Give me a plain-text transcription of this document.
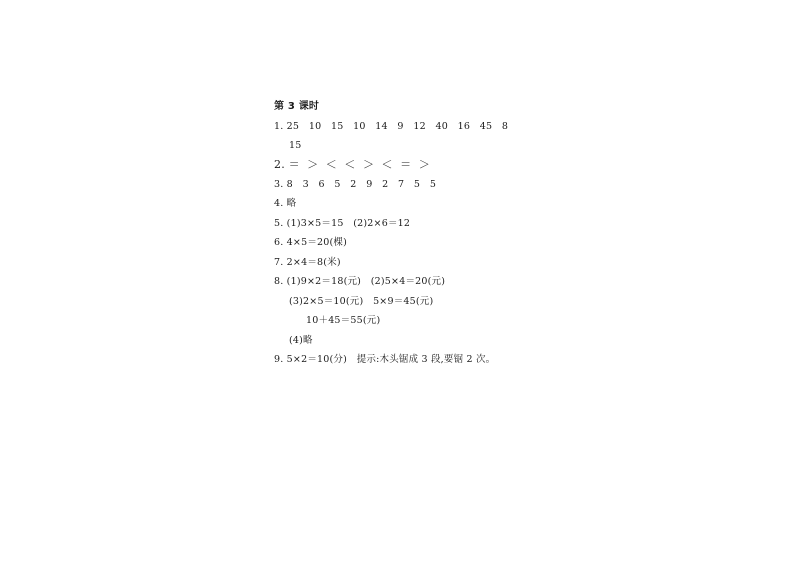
第 3 课时
1. 25   10   15   10   14   9   12   40   16   45   8
15
2. ＝  ＞  ＜  ＜  ＞  ＜  ＝  ＞
3. 8   3   6   5   2   9   2   7   5   5
4. 略
5. (1)3×5＝15   (2)2×6＝12
6. 4×5＝20(棵)
7. 2×4＝8(米)
8. (1)9×2＝18(元)   (2)5×4＝20(元)
(3)2×5＝10(元)   5×9＝45(元)
10＋45＝55(元)
(4)略
9. 5×2＝10(分)   提示:木头锯成 3 段,要锯 2 次。
